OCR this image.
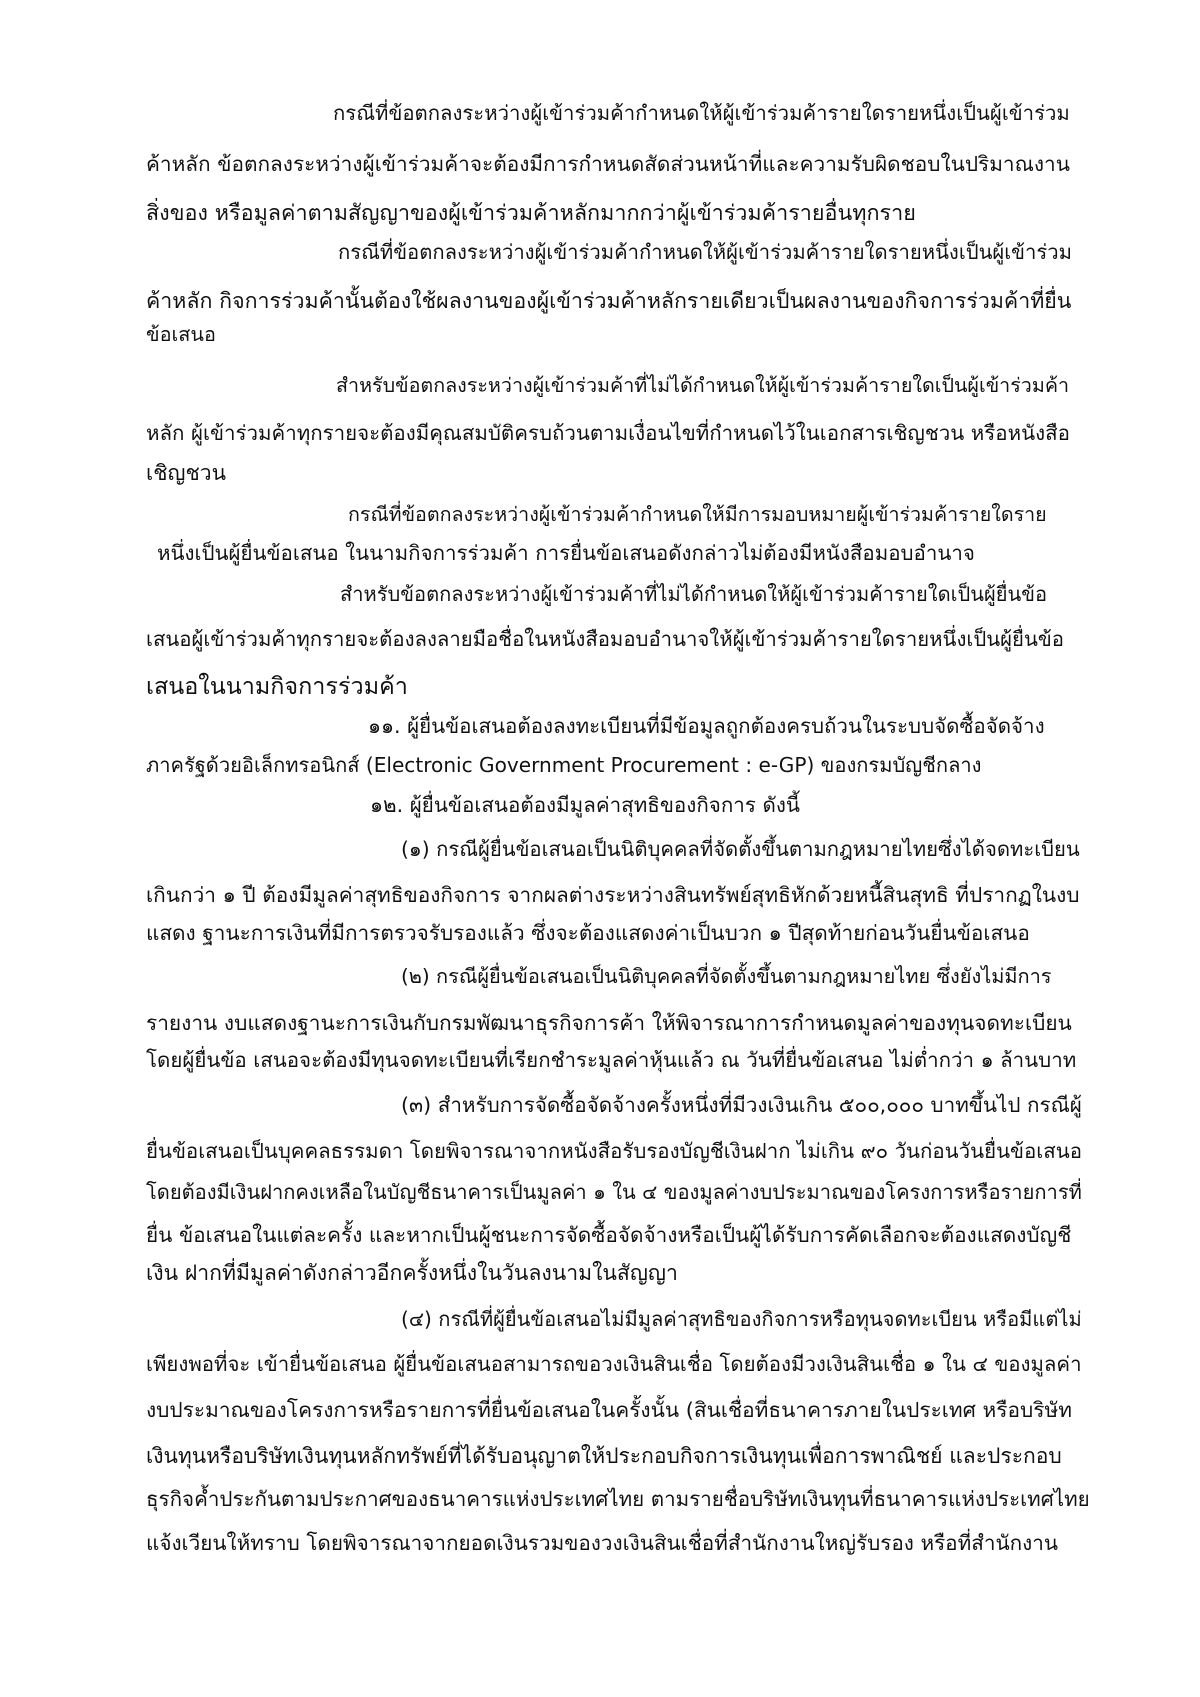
กรณีที่ข้อตกลงระหว่างผู้เข้าร่วมค้ากำหนดให้ผู้เข้าร่วมค้ารายใดรายหนึ่งเป็นผู้เข้าร่วม
ค้าหลัก ข้อตกลงระหว่างผู้เข้าร่วมค้าจะต้องมีการกำหนดสัดส่วนหน้าที่และความรับผิดชอบในปริมาณงาน
สิ่งของ หรือมูลค่าตามสัญญาของผู้เข้าร่วมค้าหลักมากกว่าผู้เข้าร่วมค้ารายอื่นทุกราย
กรณีที่ข้อตกลงระหว่างผู้เข้าร่วมค้ากำหนดให้ผู้เข้าร่วมค้ารายใดรายหนึ่งเป็นผู้เข้าร่วม
ค้าหลัก กิจการร่วมค้านั้นต้องใช้ผลงานของผู้เข้าร่วมค้าหลักรายเดียวเป็นผลงานของกิจการร่วมค้าที่ยื่น
ข้อเสนอ
สำหรับข้อตกลงระหว่างผู้เข้าร่วมค้าที่ไม่ได้กำหนดให้ผู้เข้าร่วมค้ารายใดเป็นผู้เข้าร่วมค้า
หลัก ผู้เข้าร่วมค้าทุกรายจะต้องมีคุณสมบัติครบถ้วนตามเงื่อนไขที่กำหนดไว้ในเอกสารเชิญชวน หรือหนังสือ
เชิญชวน
กรณีที่ข้อตกลงระหว่างผู้เข้าร่วมค้ากำหนดให้มีการมอบหมายผู้เข้าร่วมค้ารายใดราย
หนึ่งเป็นผู้ยื่นข้อเสนอ ในนามกิจการร่วมค้า การยื่นข้อเสนอดังกล่าวไม่ต้องมีหนังสือมอบอำนาจ
สำหรับข้อตกลงระหว่างผู้เข้าร่วมค้าที่ไม่ได้กำหนดให้ผู้เข้าร่วมค้ารายใดเป็นผู้ยื่นข้อ
เสนอผู้เข้าร่วมค้าทุกรายจะต้องลงลายมือชื่อในหนังสือมอบอำนาจให้ผู้เข้าร่วมค้ารายใดรายหนึ่งเป็นผู้ยื่นข้อ
เสนอในนามกิจการร่วมค้า
๑๑. ผู้ยื่นข้อเสนอต้องลงทะเบียนที่มีข้อมูลถูกต้องครบถ้วนในระบบจัดซื้อจัดจ้าง
ภาครัฐด้วยอิเล็กทรอนิกส์ (Electronic Government Procurement : e-GP) ของกรมบัญชีกลาง
๑๒. ผู้ยื่นข้อเสนอต้องมีมูลค่าสุทธิของกิจการ ดังนี้
(๑) กรณีผู้ยื่นข้อเสนอเป็นนิติบุคคลที่จัดตั้งขึ้นตามกฎหมายไทยซึ่งได้จดทะเบียน
เกินกว่า ๑ ปี ต้องมีมูลค่าสุทธิของกิจการ จากผลต่างระหว่างสินทรัพย์สุทธิหักด้วยหนี้สินสุทธิ ที่ปรากฏในงบ
แสดง ฐานะการเงินที่มีการตรวจรับรองแล้ว ซึ่งจะต้องแสดงค่าเป็นบวก ๑ ปีสุดท้ายก่อนวันยื่นข้อเสนอ
(๒) กรณีผู้ยื่นข้อเสนอเป็นนิติบุคคลที่จัดตั้งขึ้นตามกฎหมายไทย ซึ่งยังไม่มีการ
รายงาน งบแสดงฐานะการเงินกับกรมพัฒนาธุรกิจการค้า ให้พิจารณาการกำหนดมูลค่าของทุนจดทะเบียน
โดยผู้ยื่นข้อ เสนอจะต้องมีทุนจดทะเบียนที่เรียกชำระมูลค่าหุ้นแล้ว ณ วันที่ยื่นข้อเสนอ ไม่ต่ำกว่า ๑ ล้านบาท
(๓) สำหรับการจัดซื้อจัดจ้างครั้งหนึ่งที่มีวงเงินเกิน ๕๐๐,๐๐๐ บาทขึ้นไป กรณีผู้
ยื่นข้อเสนอเป็นบุคคลธรรมดา โดยพิจารณาจากหนังสือรับรองบัญชีเงินฝาก ไม่เกิน ๙๐ วันก่อนวันยื่นข้อเสนอ
โดยต้องมีเงินฝากคงเหลือในบัญชีธนาคารเป็นมูลค่า ๑ ใน ๔ ของมูลค่างบประมาณของโครงการหรือรายการที่
ยื่น ข้อเสนอในแต่ละครั้ง และหากเป็นผู้ชนะการจัดซื้อจัดจ้างหรือเป็นผู้ได้รับการคัดเลือกจะต้องแสดงบัญชี
เงิน ฝากที่มีมูลค่าดังกล่าวอีกครั้งหนึ่งในวันลงนามในสัญญา
(๔) กรณีที่ผู้ยื่นข้อเสนอไม่มีมูลค่าสุทธิของกิจการหรือทุนจดทะเบียน หรือมีแต่ไม่
เพียงพอที่จะ เข้ายื่นข้อเสนอ ผู้ยื่นข้อเสนอสามารถขอวงเงินสินเชื่อ โดยต้องมีวงเงินสินเชื่อ ๑ ใน ๔ ของมูลค่า
งบประมาณของโครงการหรือรายการที่ยื่นข้อเสนอในครั้งนั้น (สินเชื่อที่ธนาคารภายในประเทศ หรือบริษัท
เงินทุนหรือบริษัทเงินทุนหลักทรัพย์ที่ได้รับอนุญาตให้ประกอบกิจการเงินทุนเพื่อการพาณิชย์ และประกอบ
ธุรกิจค้ำประกันตามประกาศของธนาคารแห่งประเทศไทย ตามรายชื่อบริษัทเงินทุนที่ธนาคารแห่งประเทศไทย
แจ้งเวียนให้ทราบ โดยพิจารณาจากยอดเงินรวมของวงเงินสินเชื่อที่สำนักงานใหญ่รับรอง หรือที่สำนักงาน
